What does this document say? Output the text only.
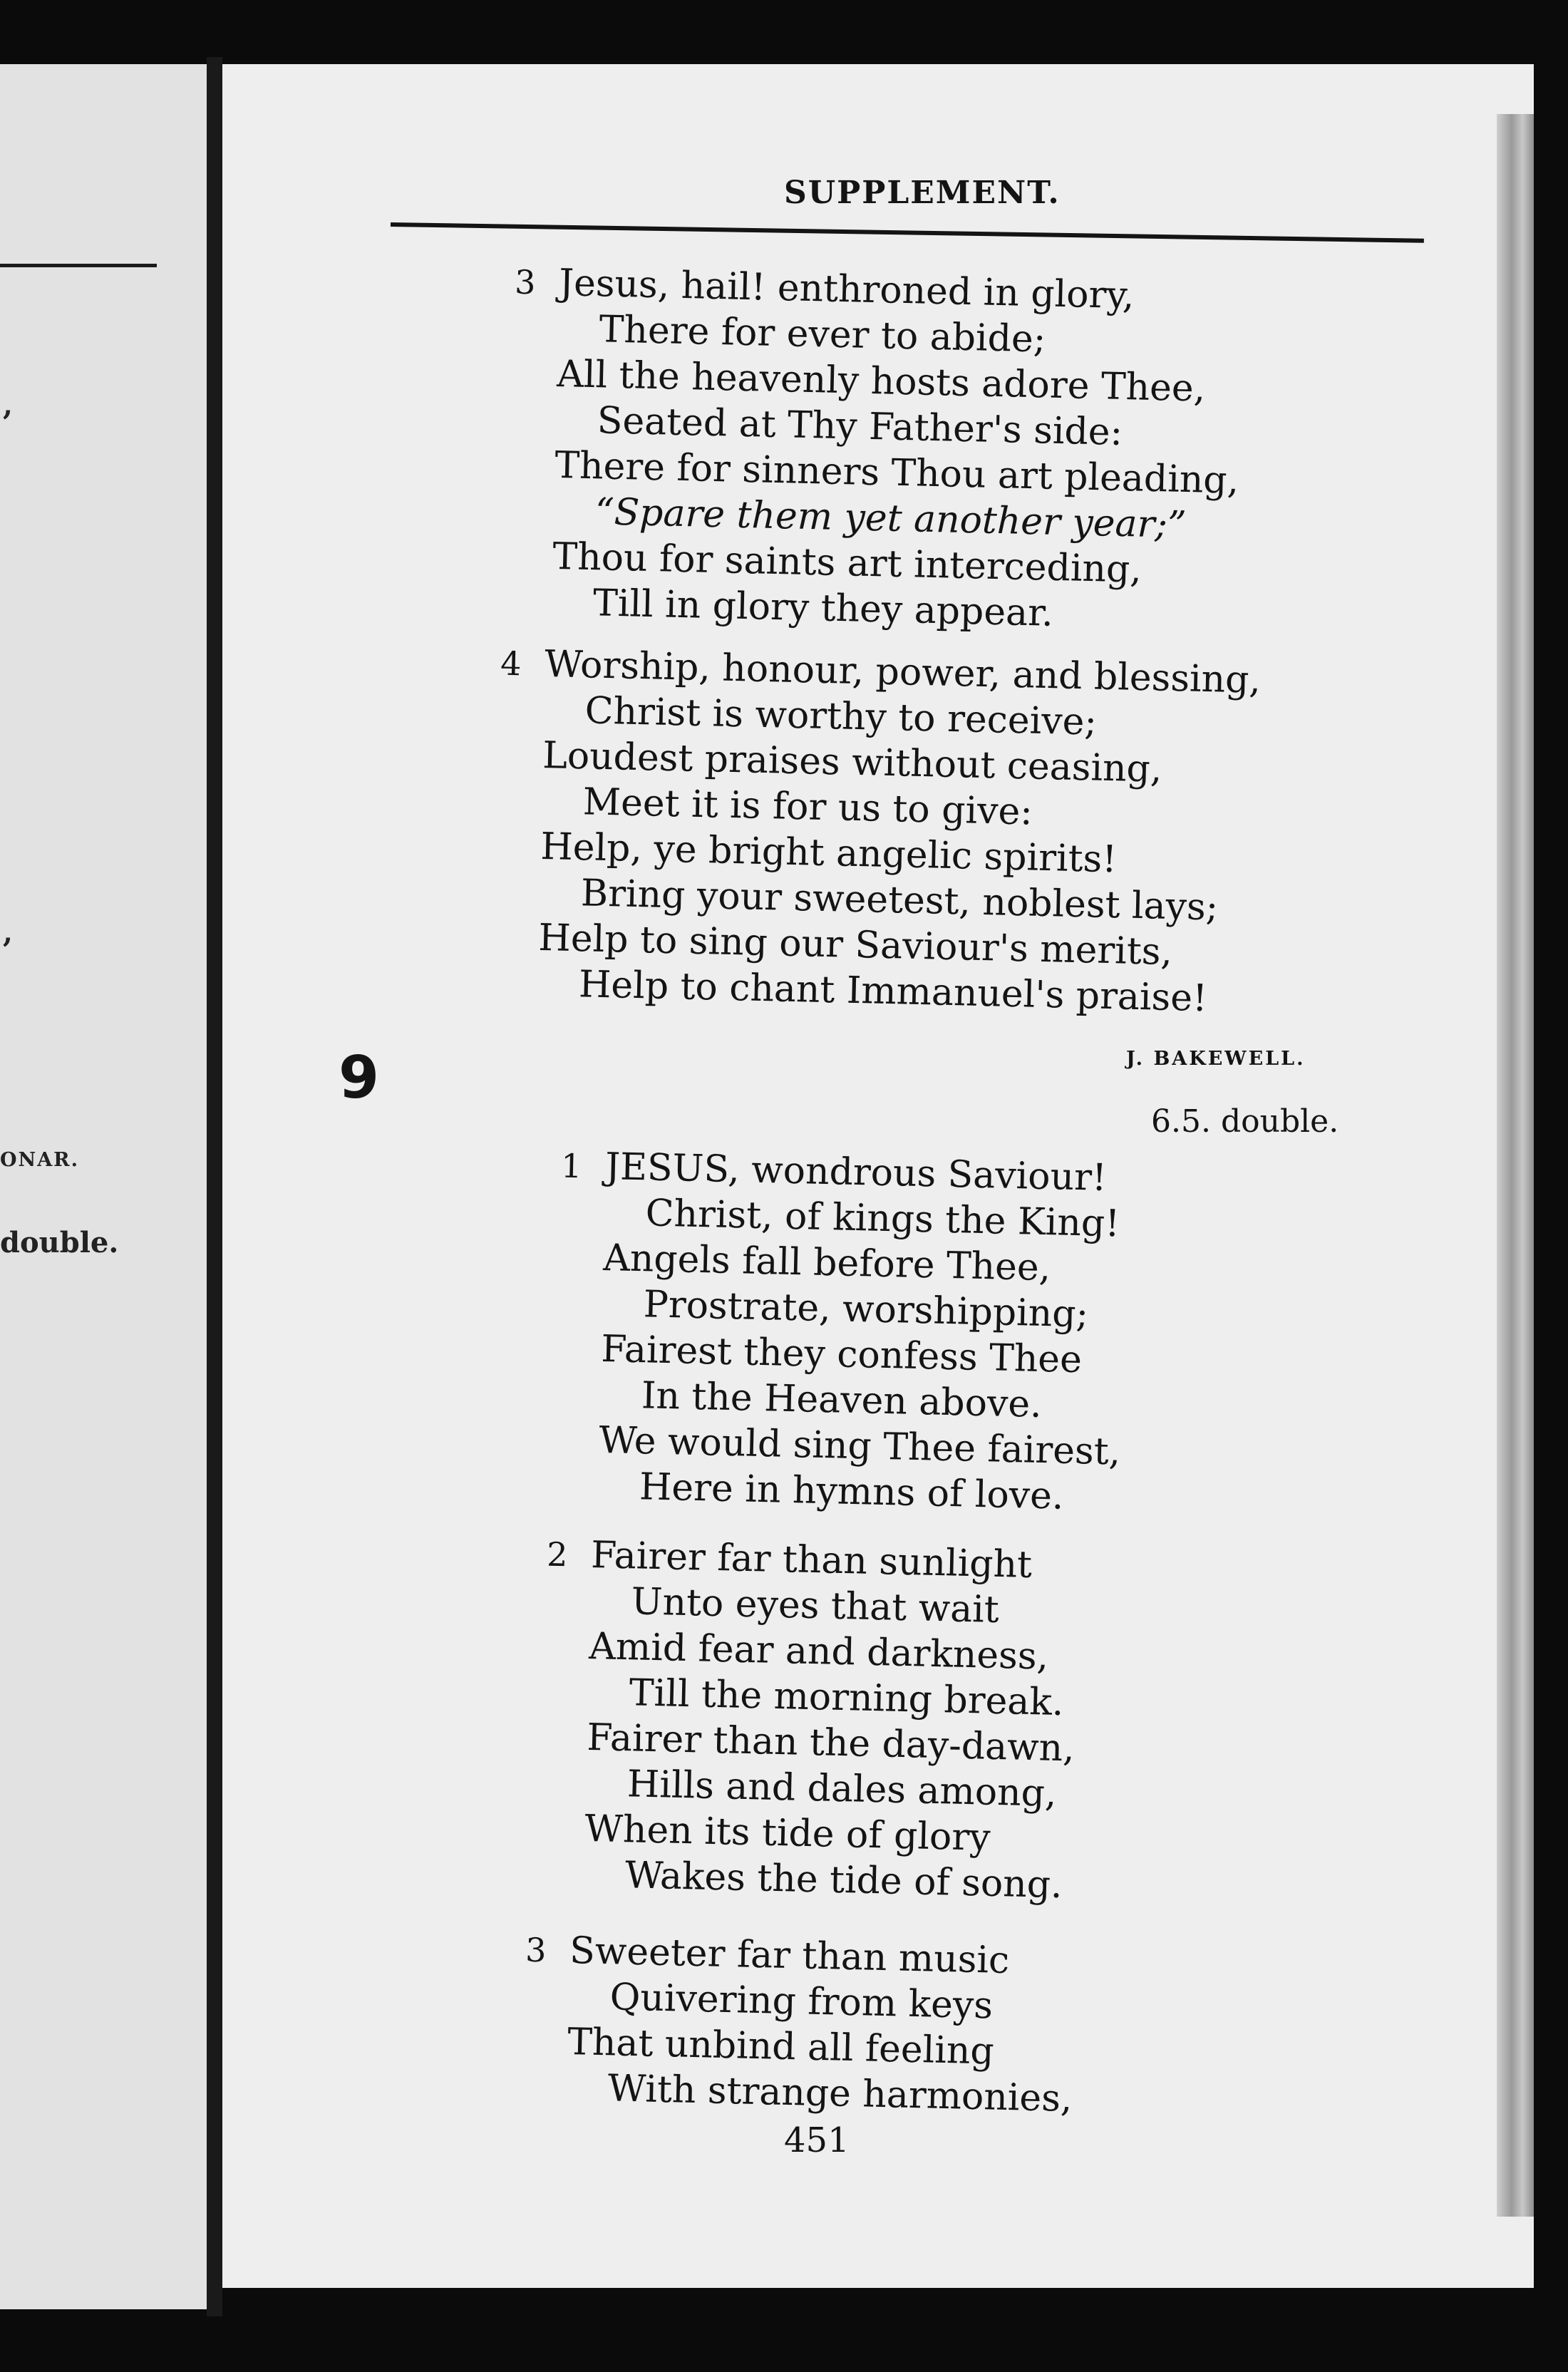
,
,
ONAR.
double.
SUPPLEMENT.
3 Jesus, hail! enthroned in glory,
There for ever to abide;
All the heavenly hosts adore Thee,
Seated at Thy Father's side:
There for sinners Thou art pleading,
“Spare them yet another year;”
Thou for saints art interceding,
Till in glory they appear.
4 Worship, honour, power, and blessing,
Christ is worthy to receive;
Loudest praises without ceasing,
Meet it is for us to give:
Help, ye bright angelic spirits!
Bring your sweetest, noblest lays;
Help to sing our Saviour's merits,
Help to chant Immanuel's praise!
J. BAKEWELL.
9
6.5. double.
1 JESUS, wondrous Saviour!
Christ, of kings the King!
Angels fall before Thee,
Prostrate, worshipping;
Fairest they confess Thee
In the Heaven above.
We would sing Thee fairest,
Here in hymns of love.
2 Fairer far than sunlight
Unto eyes that wait
Amid fear and darkness,
Till the morning break.
Fairer than the day-dawn,
Hills and dales among,
When its tide of glory
Wakes the tide of song.
3 Sweeter far than music
Quivering from keys
That unbind all feeling
With strange harmonies,
451
